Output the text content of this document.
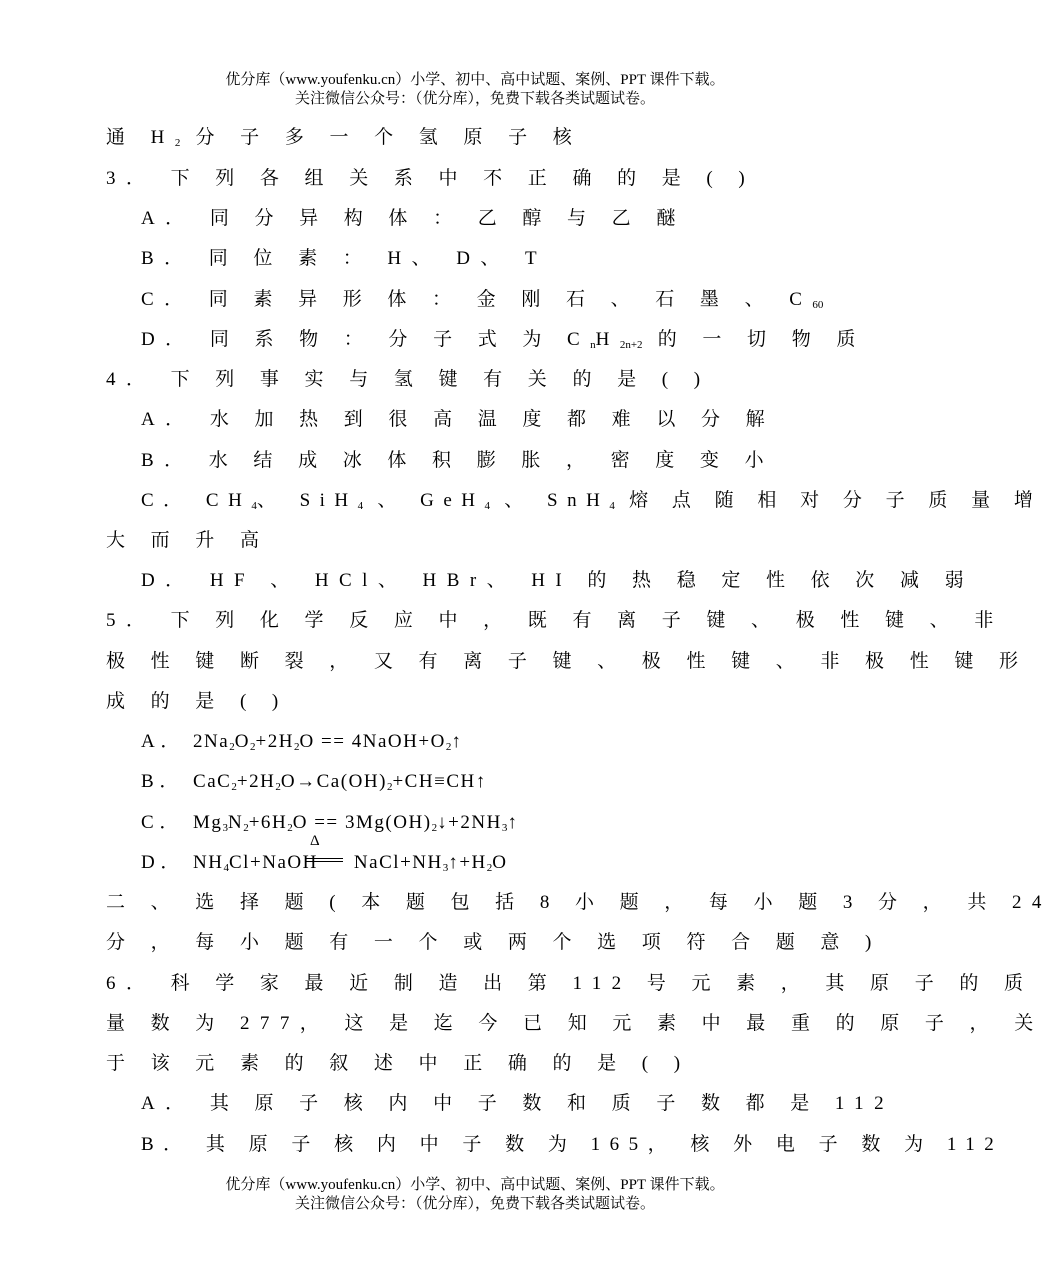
优分库（www.youfenku.cn）小学、初中、高中试题、案例、PPT 课件下载。
关注微信公众号：（优分库），免费下载各类试题试卷。
通 $H_2$ 分 子 多 一 个 氢 原 子 核
3． 下 列 各 组 关 系 中 不 正 确 的 是 ( )
A． 同 分 异 构 体 ： 乙 醇 与 乙 醚
B． 同 位 素 ： H、 D、 T
C． 同 素 异 形 体 ： 金 刚 石 、 石 墨 、 $C_{60}$
D． 同 系 物 ： 分 子 式 为 $C_nH_{2n+2}$ 的 一 切 物 质
4． 下 列 事 实 与 氢 键 有 关 的 是 ( )
A． 水 加 热 到 很 高 温 度 都 难 以 分 解
B． 水 结 成 冰 体 积 膨 胀 ， 密 度 变 小
C． $CH_4$、 SiH$_4$ 、 GeH$_4$ 、 SnH$_4$ 熔 点 随 相 对 分 子 质 量 增
大 而 升 高
D． HF 、 HCl、 HBr、 HI 的 热 稳 定 性 依 次 减 弱
5． 下 列 化 学 反 应 中 ， 既 有 离 子 键 、 极 性 键 、 非
极 性 键 断 裂 ， 又 有 离 子 键 、 极 性 键 、 非 极 性 键 形
成 的 是 ( )
A． $2Na_2O_2+2H_2O$ == $4NaOH+O_2↑$
B． $CaC_2+2H_2O\to Ca(OH)_2+CH\equiv CH↑$
C． $Mg_3N_2+6H_2O$ == $3Mg(OH)_2↓+2NH_3↑$
Δ
D． $NH_4Cl+NaOH$ $NaCl+NH_3↑+H_2O$
二 、 选 择 题 ( 本 题 包 括 8 小 题 ， 每 小 题 3 分 ， 共 24
分 ， 每 小 题 有 一 个 或 两 个 选 项 符 合 题 意 )
6． 科 学 家 最 近 制 造 出 第 112 号 元 素 ， 其 原 子 的 质
量 数 为 277， 这 是 迄 今 已 知 元 素 中 最 重 的 原 子 ， 关
于 该 元 素 的 叙 述 中 正 确 的 是 ( )
A． 其 原 子 核 内 中 子 数 和 质 子 数 都 是 112
B． 其 原 子 核 内 中 子 数 为 165， 核 外 电 子 数 为 112
优分库（www.youfenku.cn）小学、初中、高中试题、案例、PPT 课件下载。
关注微信公众号：（优分库），免费下载各类试题试卷。
